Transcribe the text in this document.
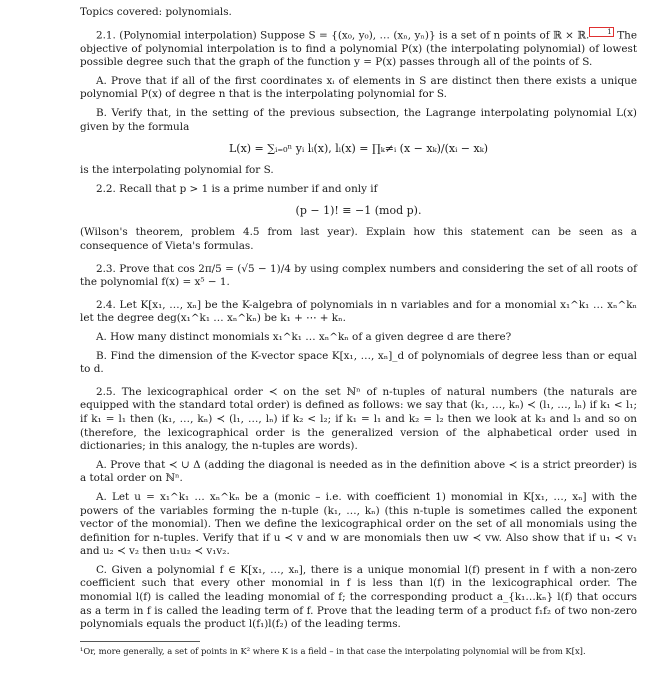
Topics covered: polynomials.

2.1. (Polynomial interpolation) Suppose S = {(x₀, y₀), … (xₙ, yₙ)} is a set of n points of ℝ × ℝ.	1 The objective of polynomial interpolation is to find a polynomial P(x) (the interpolating polynomial) of lowest possible degree such that the graph of the function y = P(x) passes through all of the points of S.

A. Prove that if all of the first coordinates xᵢ of elements in S are distinct then there exists a unique polynomial P(x) of degree n that is the interpolating polynomial for S.

B. Verify that, in the setting of the previous subsection, the Lagrange interpolating polynomial L(x) given by the formula

L(x) = ∑ᵢ₌₀ⁿ yᵢ lᵢ(x), lᵢ(x) = ∏ₖ≠ᵢ (x − xₖ)/(xᵢ − xₖ)

is the interpolating polynomial for S.

2.2. Recall that p > 1 is a prime number if and only if

(p − 1)! ≡ −1 (mod p).

(Wilson's theorem, problem 4.5 from last year). Explain how this statement can be seen as a consequence of Vieta's formulas.

2.3. Prove that cos 2π/5 = (√5 − 1)/4 by using complex numbers and considering the set of all roots of the polynomial f(x) = x⁵ − 1.

2.4. Let K[x₁, …, xₙ] be the K-algebra of polynomials in n variables and for a monomial x₁^k₁ … xₙ^kₙ let the degree deg(x₁^k₁ … xₙ^kₙ) be k₁ + ⋯ + kₙ.

A. How many distinct monomials x₁^k₁ … xₙ^kₙ of a given degree d are there?

B. Find the dimension of the K-vector space K[x₁, …, xₙ]_d of polynomials of degree less than or equal to d.

2.5. The lexicographical order ≺ on the set ℕⁿ of n-tuples of natural numbers (the naturals are equipped with the standard total order) is defined as follows: we say that (k₁, …, kₙ) ≺ (l₁, …, lₙ) if k₁ < l₁; if k₁ = l₁ then (k₁, …, kₙ) ≺ (l₁, …, lₙ) if k₂ < l₂; if k₁ = l₁ and k₂ = l₂ then we look at k₃ and l₃ and so on (therefore, the lexicographical order is the generalized version of the alphabetical order used in dictionaries; in this analogy, the n-tuples are words).

A. Prove that ≺ ∪ Δ (adding the diagonal is needed as in the definition above ≺ is a strict preorder) is a total order on ℕⁿ.

A. Let u = x₁^k₁ … xₙ^kₙ be a (monic – i.e. with coefficient 1) monomial in K[x₁, …, xₙ] with the powers of the variables forming the n-tuple (k₁, …, kₙ) (this n-tuple is sometimes called the exponent vector of the monomial). Then we define the lexicographical order on the set of all monomials using the definition for n-tuples. Verify that if u ≺ v and w are monomials then uw ≺ vw. Also show that if u₁ ≺ v₁ and u₂ ≺ v₂ then u₁u₂ ≺ v₁v₂.

C. Given a polynomial f ∈ K[x₁, …, xₙ], there is a unique monomial l(f) present in f with a non-zero coefficient such that every other monomial in f is less than l(f) in the lexicographical order. The monomial l(f) is called the leading monomial of f; the corresponding product a_{k₁…kₙ} l(f) that occurs as a term in f is called the leading term of f. Prove that the leading term of a product f₁f₂ of two non-zero polynomials equals the product l(f₁)l(f₂) of the leading terms.

¹Or, more generally, a set of points in K² where K is a field – in that case the interpolating polynomial will be from K[x].
